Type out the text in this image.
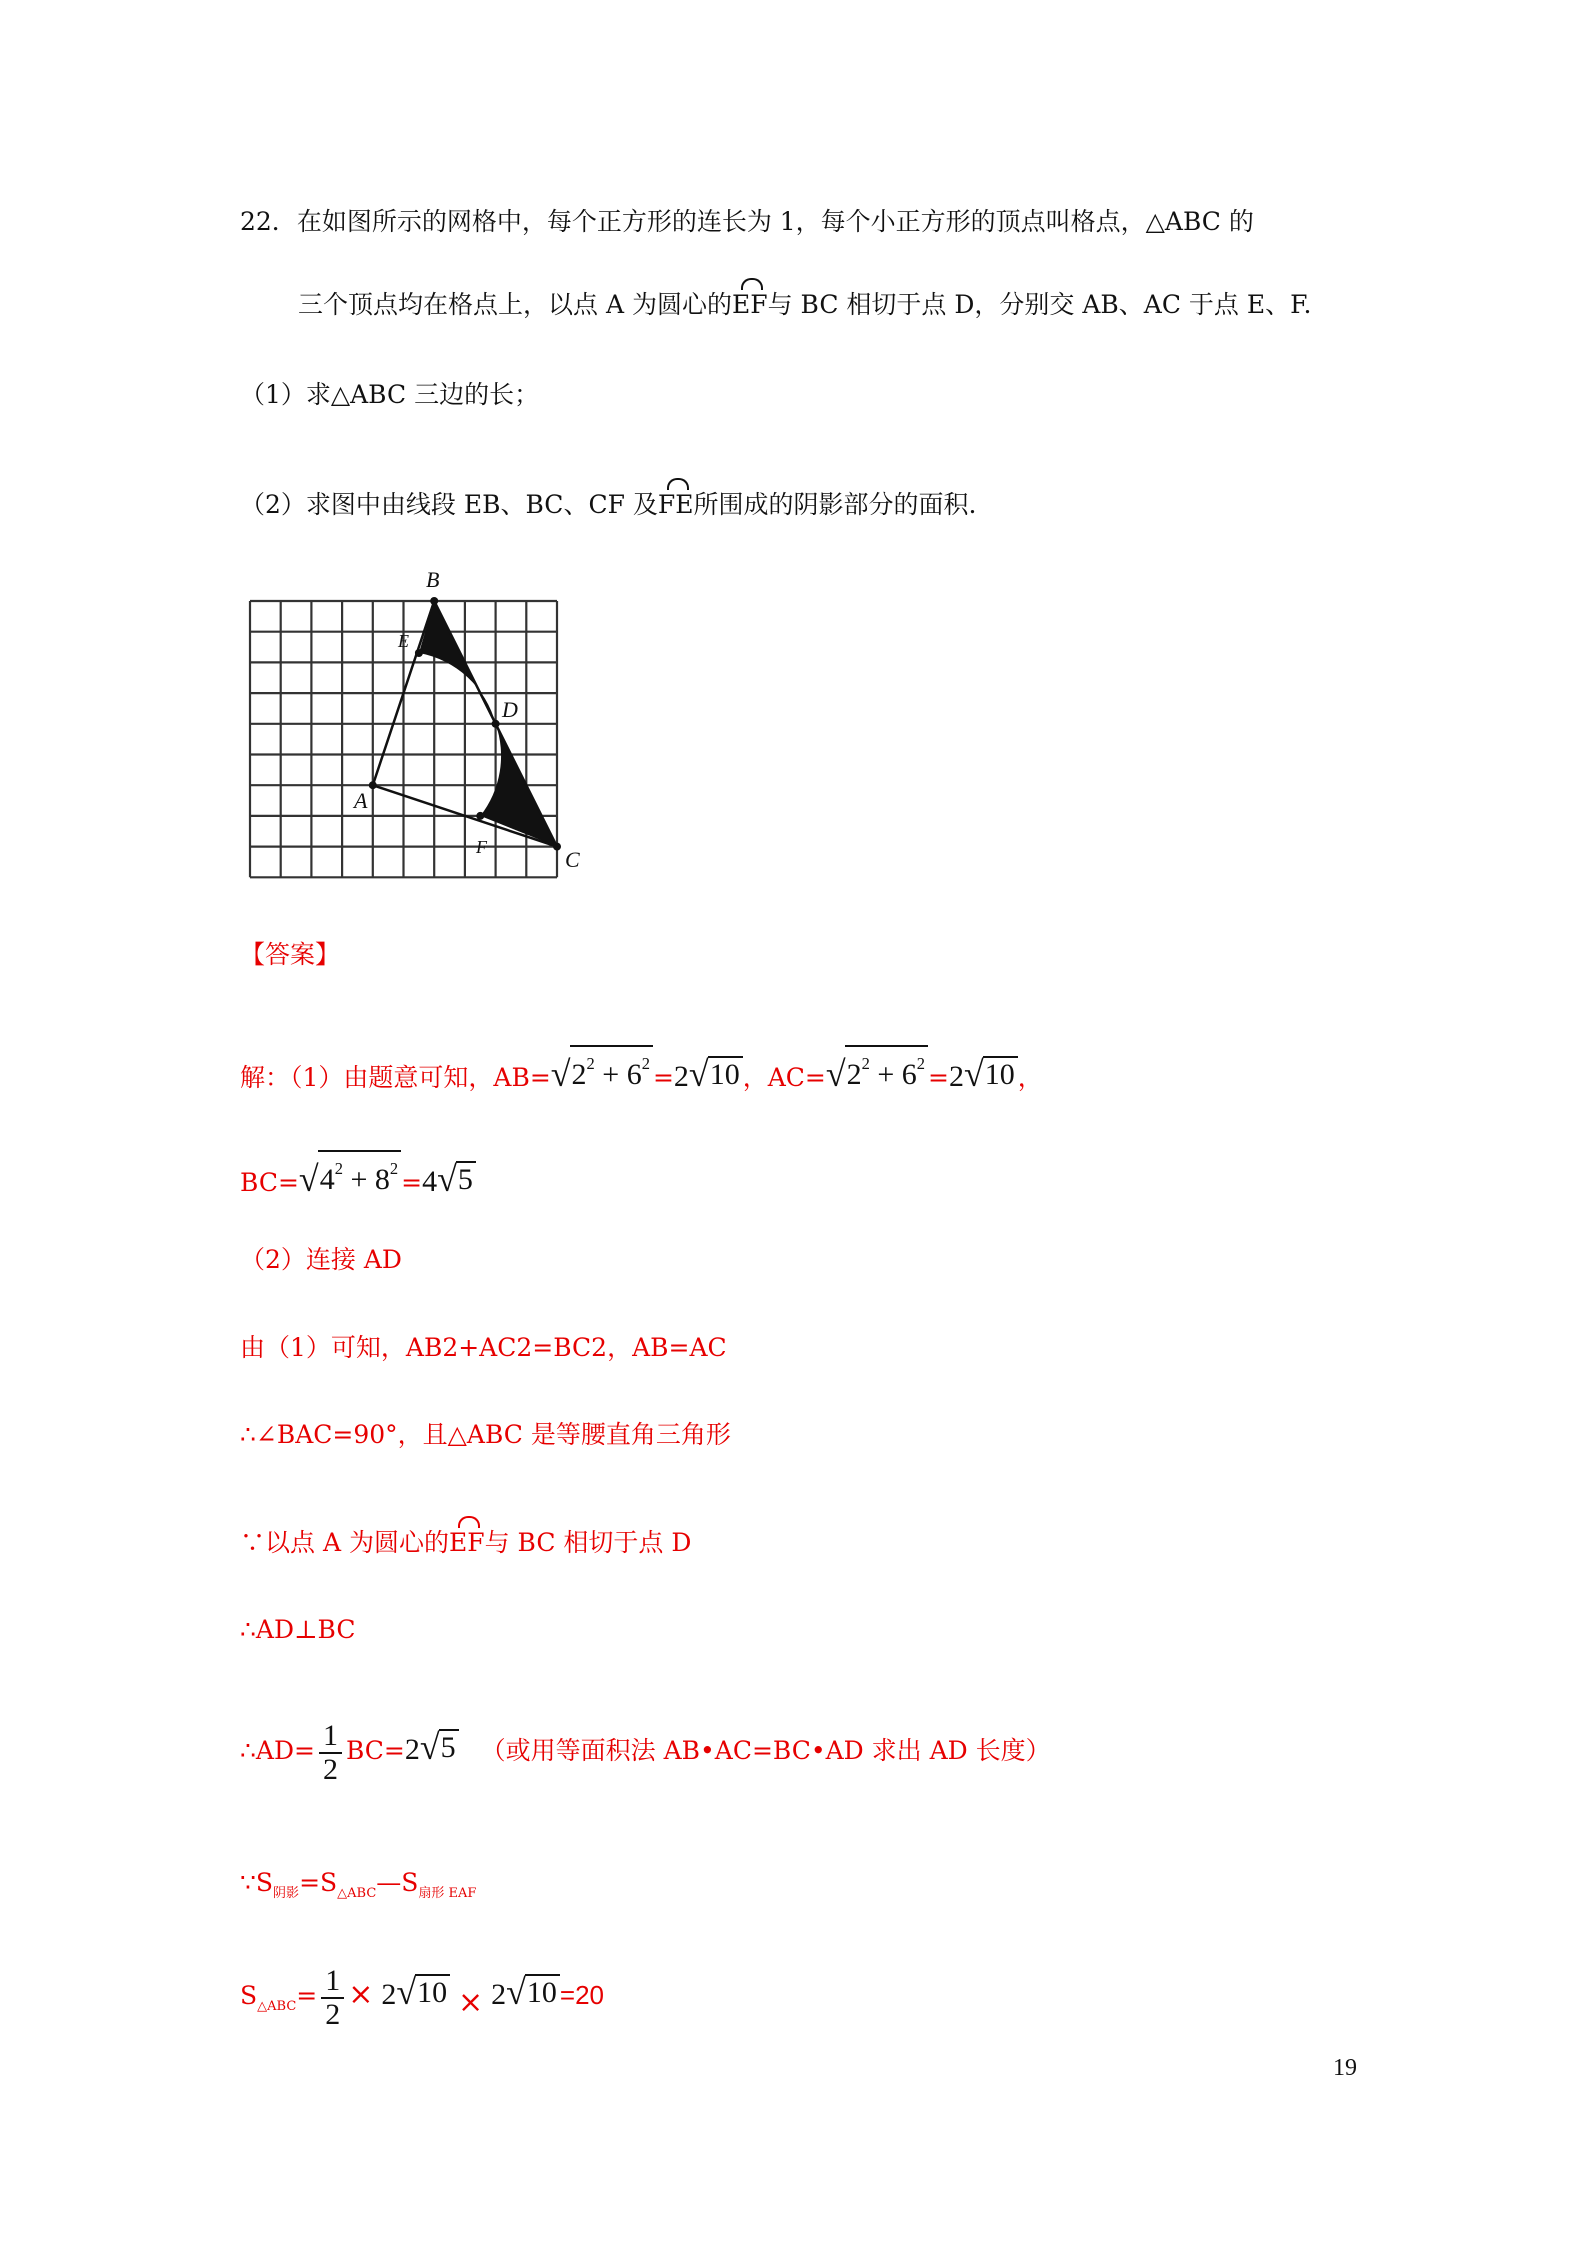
22．在如图所示的网格中，每个正方形的连长为 1，每个小正方形的顶点叫格点，△ABC 的
三个顶点均在格点上，以点 A 为圆心的EF与 BC 相切于点 D，分别交 AB、AC 于点 E、F.
（1）求△ABC 三边的长；
（2）求图中由线段 EB、BC、CF 及FE所围成的阴影部分的面积.
B
E
D
A
F	C
【答案】
解：（1）由题意可知，AB= √ $2^2 + 6^2 =2$ √ 10 ，AC= √ $2^2 + 6^2 =2$ √ 10 ，
BC= √ $4^2 + 8^2 =4$ √ 5
（2）连接 AD
由（1）可知，AB2+AC2=BC2，AB=AC
∴∠BAC=90°，且△ABC 是等腰直角三角形
∵以点 A 为圆心的EF与 BC 相切于点 D
∴AD⊥BC
∴AD= $\frac{1}{2} BC=2$ √ 5 （或用等面积法 AB•AC=BC•AD 求出 AD 长度）
$\because S_{阴影}=S_{\triangle ABC}—S_{扇形 EAF}$
$S_{\triangle ABC}= \frac{1}{2} \times 2$ √ 10 × 2 √ 10 =20
19
